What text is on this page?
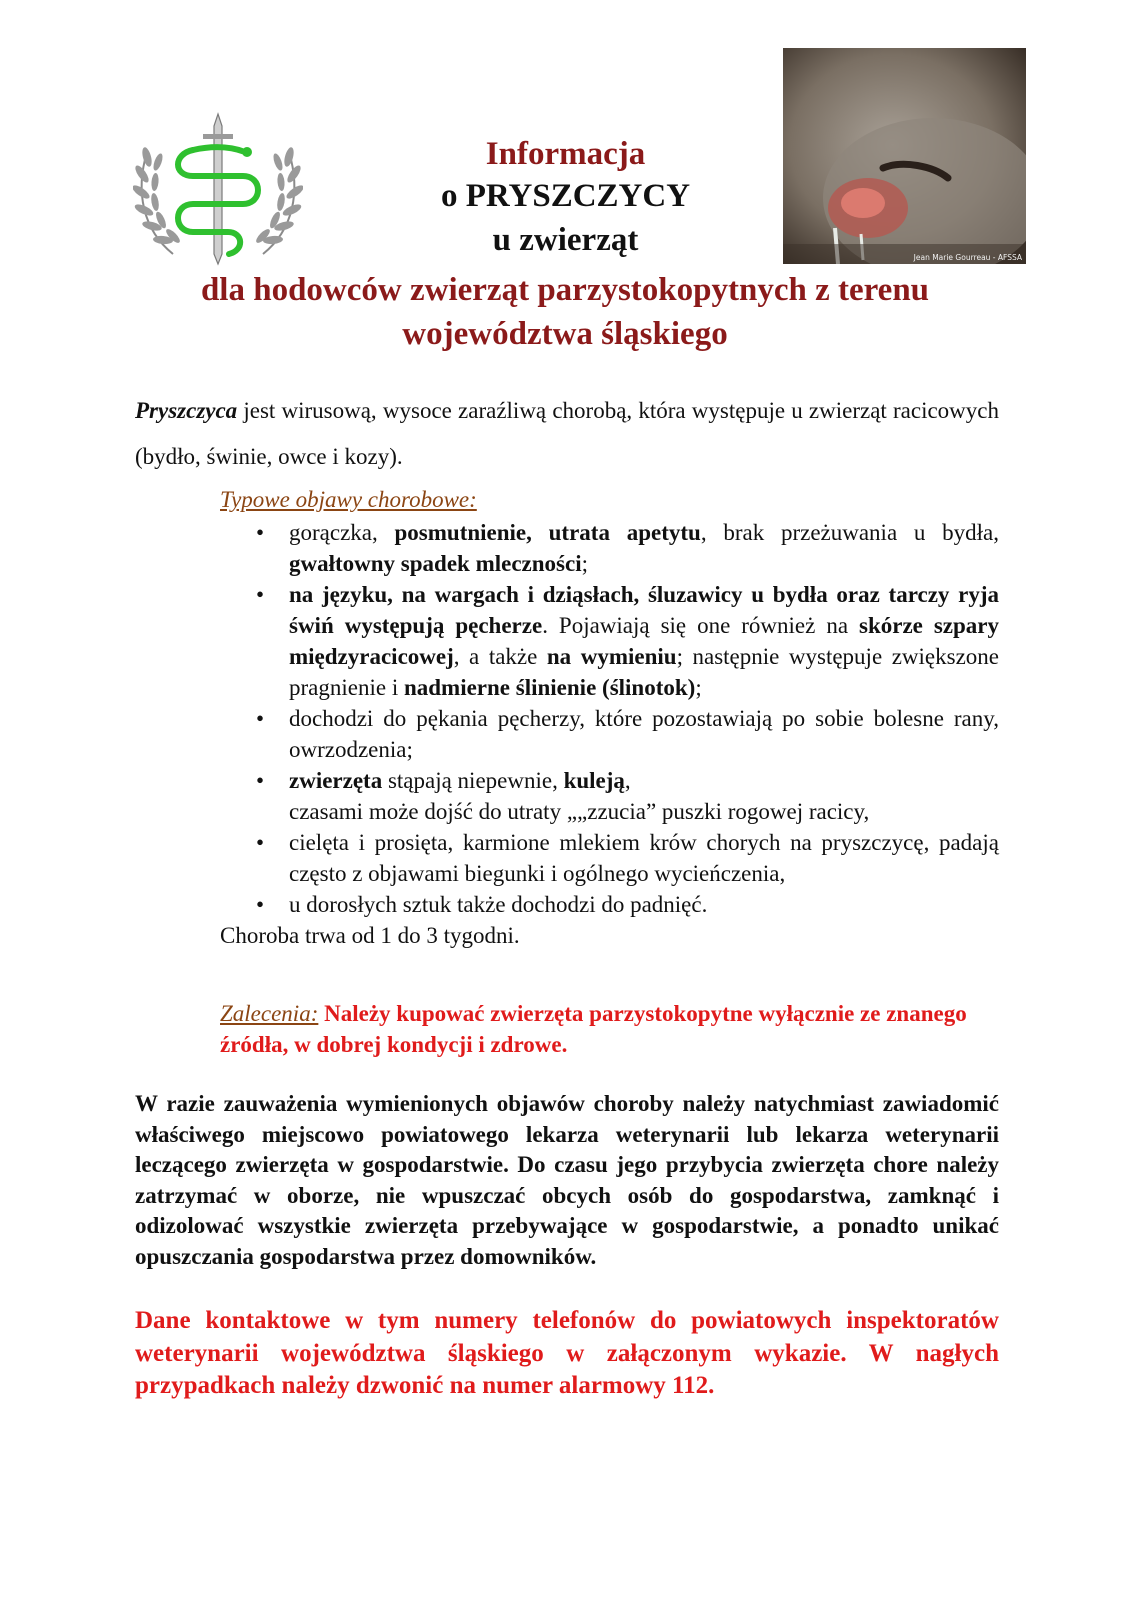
Jean Marie Gourreau - AFSSA
Informacja
o PRYSZCZYCY
u zwierząt
dla hodowców zwierząt parzystokopytnych z terenu województwa śląskiego

Pryszczyca jest wirusową, wysoce zaraźliwą chorobą, która występuje u zwierząt racicowych (bydło, świnie, owce i kozy).

Typowe objawy chorobowe:
• gorączka, posmutnienie, utrata apetytu, brak przeżuwania u bydła, gwałtowny spadek mleczności;
• na języku, na wargach i dziąsłach, śluzawicy u bydła oraz tarczy ryja świń występują pęcherze. Pojawiają się one również na skórze szpary międzyracicowej, a także na wymieniu; następnie występuje zwiększone pragnienie i nadmierne ślinienie (ślinotok);
• dochodzi do pękania pęcherzy, które pozostawiają po sobie bolesne rany, owrzodzenia;
• zwierzęta stąpają niepewnie, kuleją,
czasami może dojść do utraty „„zzucia” puszki rogowej racicy,
• cielęta i prosięta, karmione mlekiem krów chorych na pryszczycę, padają często z objawami biegunki i ogólnego wycieńczenia,
• u dorosłych sztuk także dochodzi do padnięć.
Choroba trwa od 1 do 3 tygodni.
Zalecenia: Należy kupować zwierzęta parzystokopytne wyłącznie ze znanego źródła, w dobrej kondycji i zdrowe.

W razie zauważenia wymienionych objawów choroby należy natychmiast zawiadomić właściwego miejscowo powiatowego lekarza weterynarii lub lekarza weterynarii leczącego zwierzęta w gospodarstwie. Do czasu jego przybycia zwierzęta chore należy zatrzymać w oborze, nie wpuszczać obcych osób do gospodarstwa, zamknąć i odizolować wszystkie zwierzęta przebywające w gospodarstwie, a ponadto unikać opuszczania gospodarstwa przez domowników.

Dane kontaktowe w tym numery telefonów do powiatowych inspektoratów weterynarii województwa śląskiego w załączonym wykazie. W nagłych przypadkach należy dzwonić na numer alarmowy 112.
